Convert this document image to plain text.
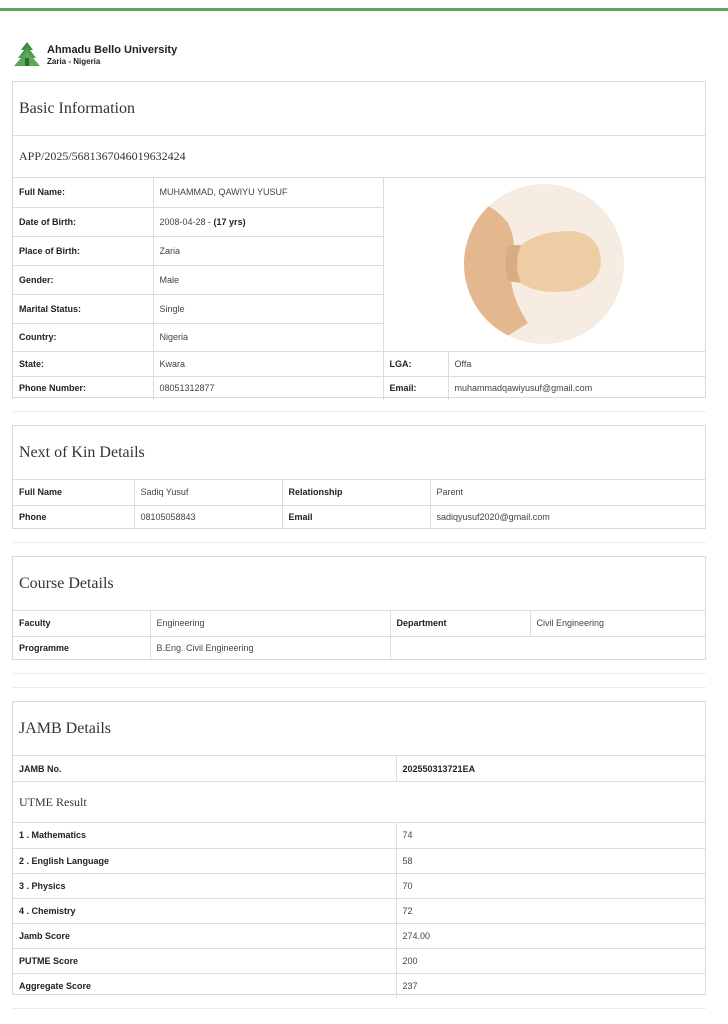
Ahmadu Bello University
Zaria - Nigeria
Basic Information
APP/2025/5681367046019632424
Full Name:	MUHAMMAD, QAWIYU YUSUF	

Date of Birth:	2008-04-28 - (17 yrs)		
Place of Birth:	Zaria		
Gender:	Male		
Marital Status:	Single		
Country:	Nigeria		
State:	Kwara	LGA:	Offa
Phone Number:	08051312877	Email:	muhammadqawiyusuf@gmail.com
Next of Kin Details
Full Name	Sadiq Yusuf	Relationship	Parent
Phone	08105058843	Email	sadiqyusuf2020@gmail.com
Course Details
Faculty	Engineering	Department	Civil Engineering
Programme	B.Eng. Civil Engineering		
JAMB Details
JAMB No.	202550313721EA
UTME Result
1 . Mathematics	74
2 . English Language	58
3 . Physics	70
4 . Chemistry	72
Jamb Score	274.00
PUTME Score	200
Aggregate Score	237
